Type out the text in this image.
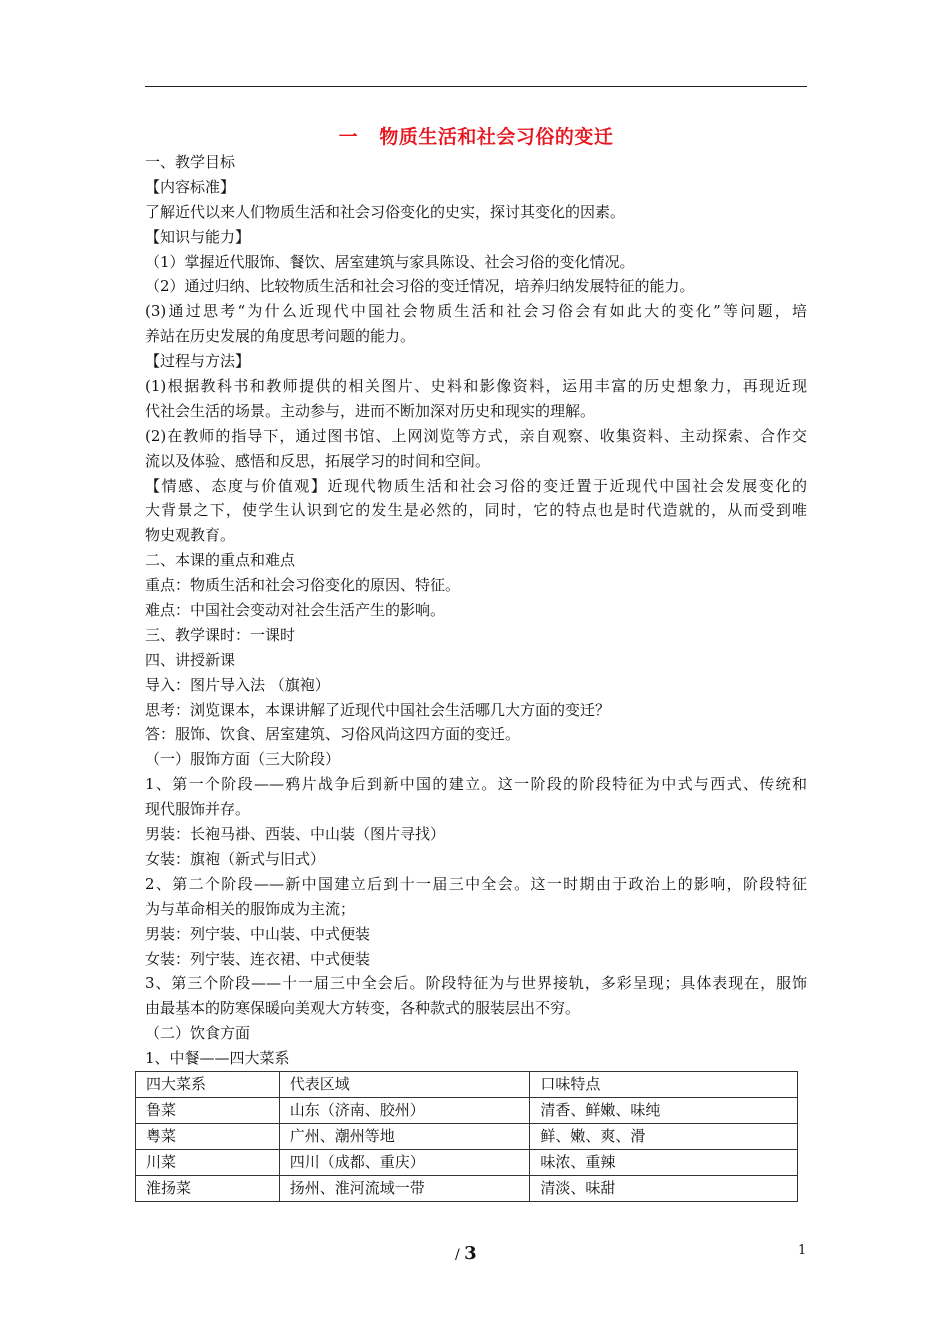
一   物质生活和社会习俗的变迁
一、教学目标
【内容标准】
了解近代以来人们物质生活和社会习俗变化的史实，探讨其变化的因素。
【知识与能力】
（1）掌握近代服饰、餐饮、居室建筑与家具陈设、社会习俗的变化情况。
（2）通过归纳、比较物质生活和社会习俗的变迁情况，培养归纳发展特征的能力。
(3)通过思考“为什么近现代中国社会物质生活和社会习俗会有如此大的变化”等问题，培
养站在历史发展的角度思考问题的能力。
【过程与方法】
(1)根据教科书和教师提供的相关图片、史料和影像资料，运用丰富的历史想象力，再现近现
代社会生活的场景。主动参与，进而不断加深对历史和现实的理解。
(2)在教师的指导下，通过图书馆、上网浏览等方式，亲自观察、收集资料、主动探索、合作交
流以及体验、感悟和反思，拓展学习的时间和空间。
【情感、态度与价值观】近现代物质生活和社会习俗的变迁置于近现代中国社会发展变化的
大背景之下，使学生认识到它的发生是必然的，同时，它的特点也是时代造就的，从而受到唯
物史观教育。
二、本课的重点和难点
重点：物质生活和社会习俗变化的原因、特征。
难点：中国社会变动对社会生活产生的影响。
三、教学课时：一课时
四、讲授新课
导入：图片导入法 （旗袍）
思考：浏览课本，本课讲解了近现代中国社会生活哪几大方面的变迁？
答：服饰、饮食、居室建筑、习俗风尚这四方面的变迁。
（一）服饰方面（三大阶段）
1、第一个阶段——鸦片战争后到新中国的建立。这一阶段的阶段特征为中式与西式、传统和
现代服饰并存。
男装：长袍马褂、西装、中山装（图片寻找）
女装：旗袍（新式与旧式）
2、第二个阶段——新中国建立后到十一届三中全会。这一时期由于政治上的影响，阶段特征
为与革命相关的服饰成为主流；
男装：列宁装、中山装、中式便装
女装：列宁装、连衣裙、中式便装
3、第三个阶段——十一届三中全会后。阶段特征为与世界接轨，多彩呈现；具体表现在，服饰
由最基本的防寒保暖向美观大方转变，各种款式的服装层出不穷。
（二）饮食方面
1、中餐——四大菜系
四大菜系	代表区域	口味特点
鲁菜	山东（济南、胶州）	清香、鲜嫩、味纯
粤菜	广州、潮州等地	鲜、嫩、爽、滑
川菜	四川（成都、重庆）	味浓、重辣
淮扬菜	扬州、淮河流域一带	清淡、味甜
/ 3	1
